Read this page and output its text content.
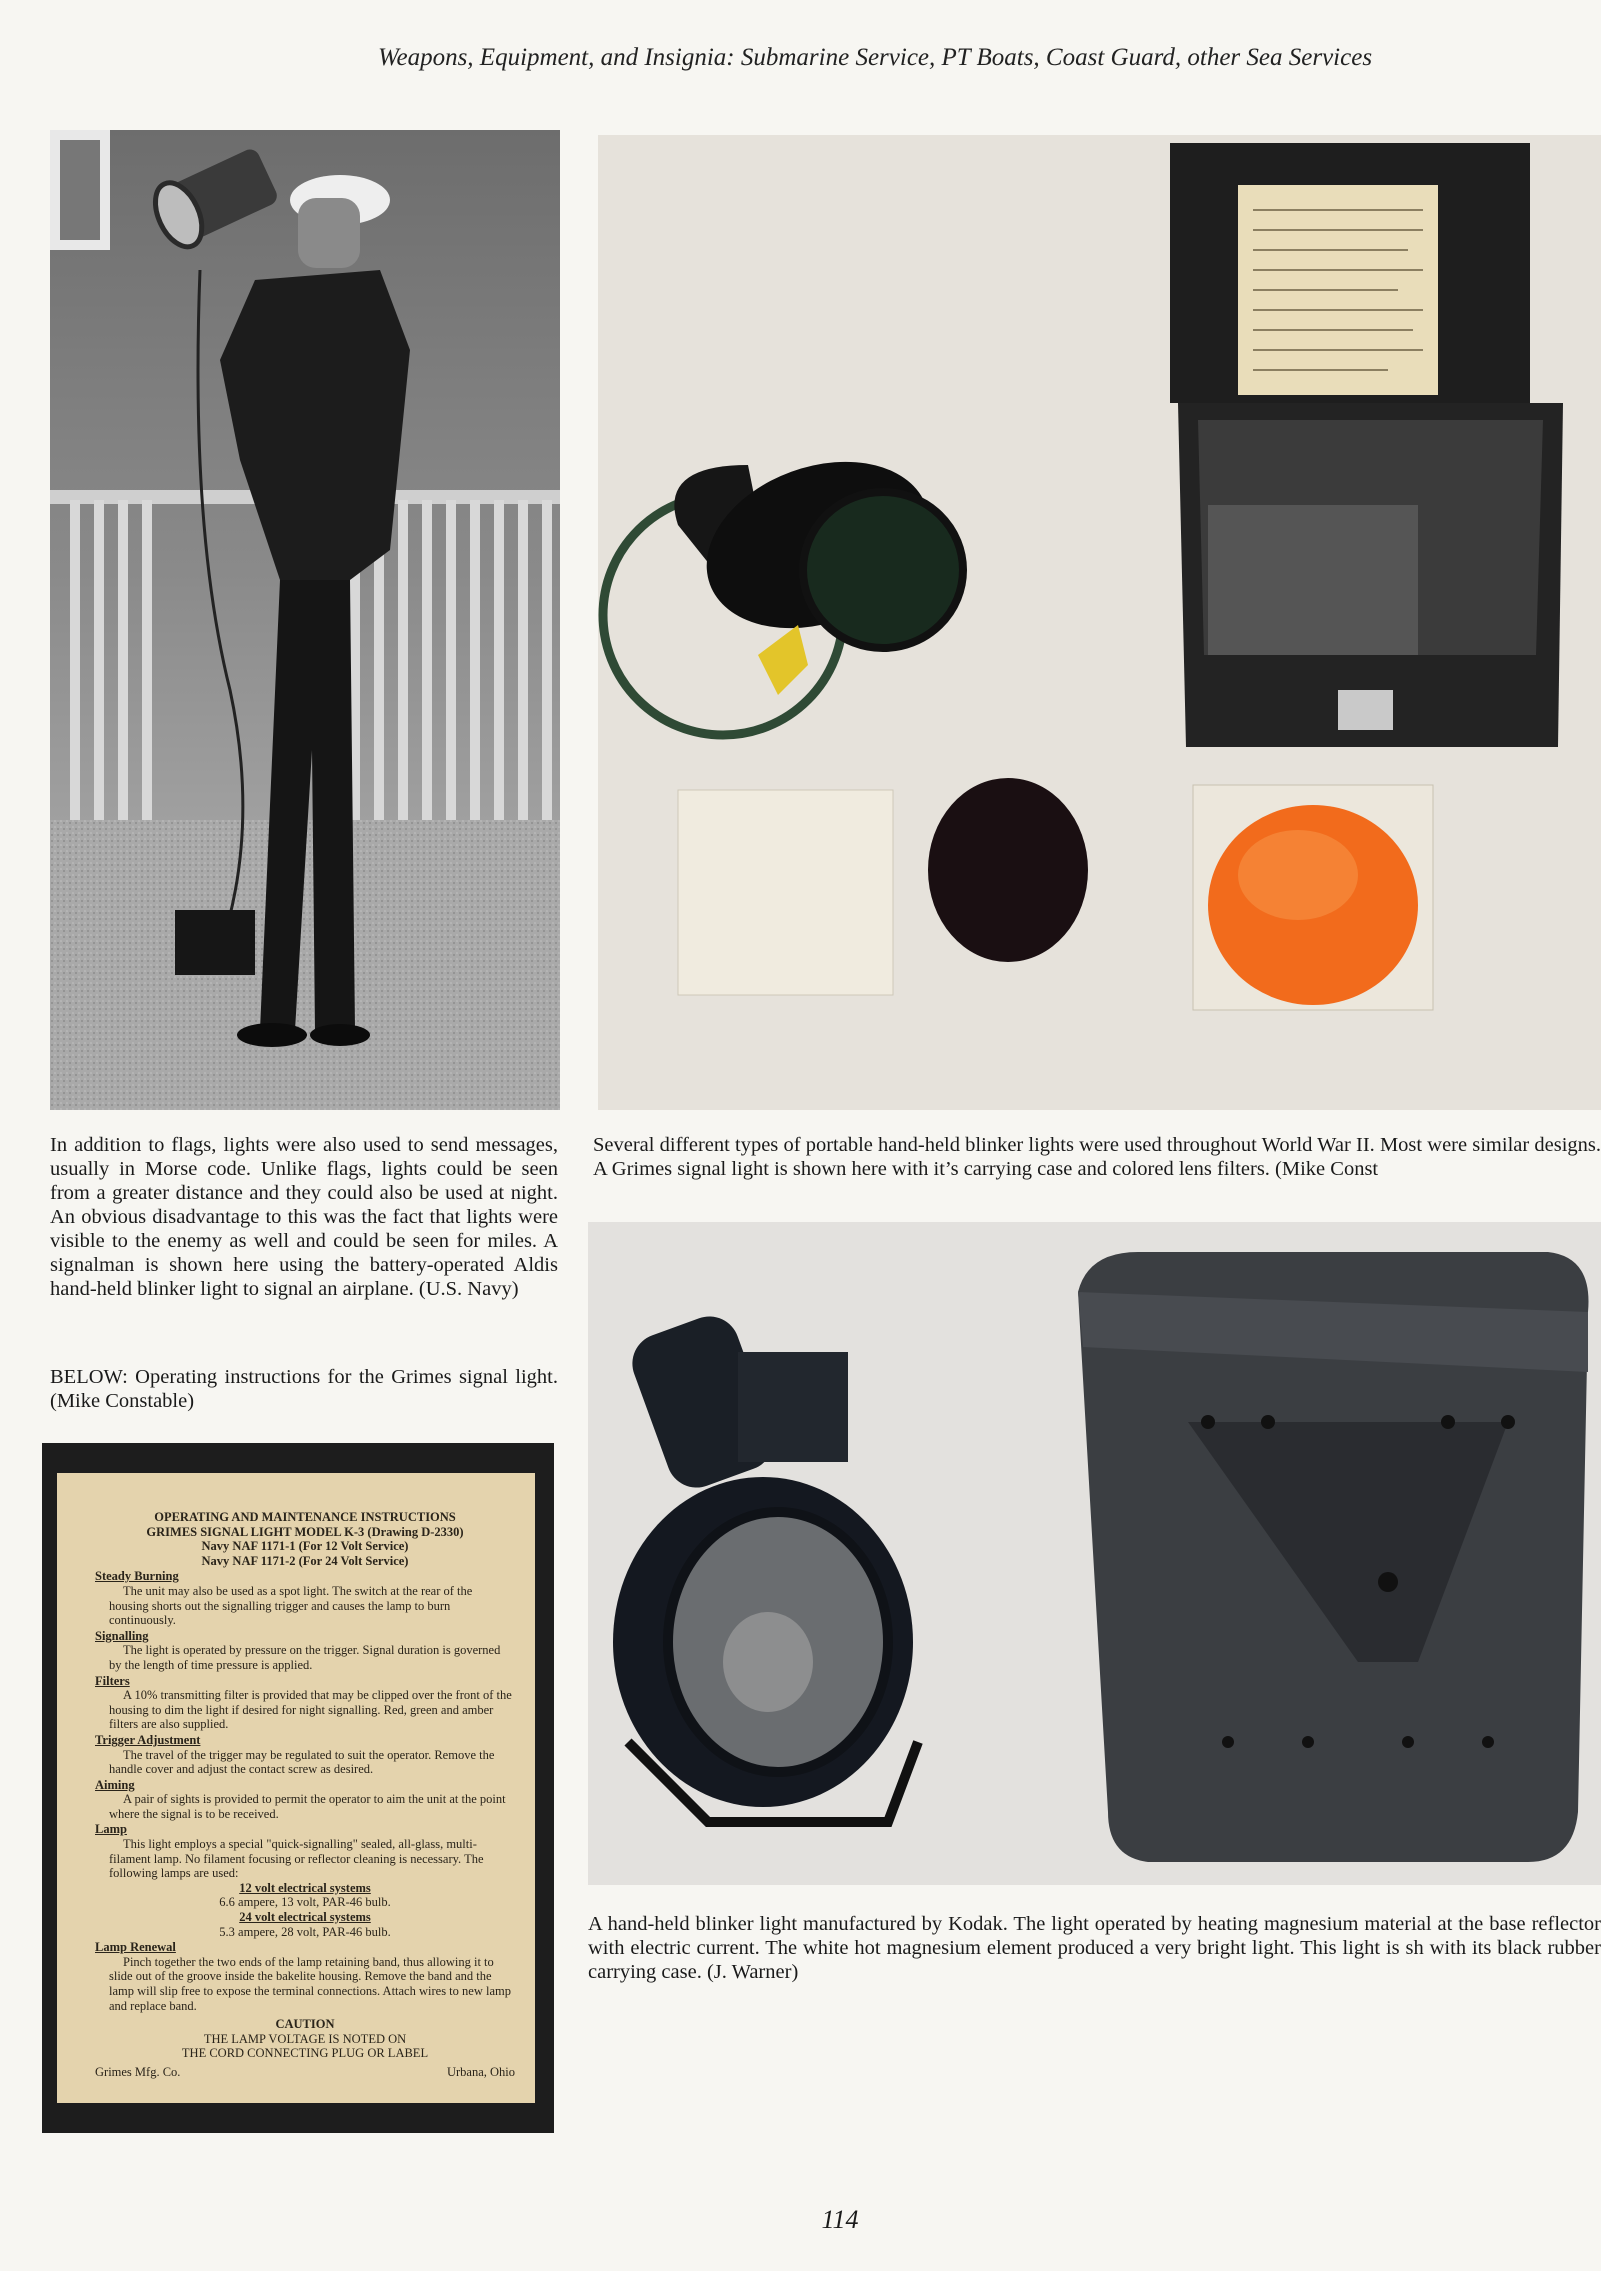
Weapons, Equipment, and Insignia: Submarine Service, PT Boats, Coast Guard, other Sea Services
In addition to flags, lights were also used to send messages, usually in Morse code. Unlike flags, lights could be seen from a greater distance and they could also be used at night. An obvious disadvantage to this was the fact that lights were visible to the enemy as well and could be seen for miles. A signalman is shown here using the battery-operated Aldis hand-held blinker light to signal an airplane. (U.S. Navy)
BELOW: Operating instructions for the Grimes signal light. (Mike Constable)
Several different types of portable hand-held blinker lights were used throughout World War II. Most were similar designs. A Grimes signal light is shown here with it’s carrying case and colored lens filters. (Mike Const
A hand-held blinker light manufactured by Kodak. The light operated by heating magnesium material at the base reflector with electric current. The white hot magnesium element produced a very bright light. This light is sh with its black rubber carrying case. (J. Warner)
OPERATING AND MAINTENANCE INSTRUCTIONS
GRIMES SIGNAL LIGHT MODEL K-3 (Drawing D-2330)
Navy NAF 1171-1 (For 12 Volt Service)
Navy NAF 1171-2 (For 24 Volt Service)
Steady Burning
The unit may also be used as a spot light. The switch at the rear of the housing shorts out the signalling trigger and causes the lamp to burn continuously.
Signalling
The light is operated by pressure on the trigger. Signal duration is governed by the length of time pressure is applied.
Filters
A 10% transmitting filter is provided that may be clipped over the front of the housing to dim the light if desired for night signalling. Red, green and amber filters are also supplied.
Trigger Adjustment
The travel of the trigger may be regulated to suit the operator. Remove the handle cover and adjust the contact screw as desired.
Aiming
A pair of sights is provided to permit the operator to aim the unit at the point where the signal is to be received.
Lamp
This light employs a special "quick-signalling" sealed, all-glass, multi-filament lamp. No filament focusing or reflector cleaning is necessary. The following lamps are used:
12 volt electrical systems
6.6 ampere, 13 volt, PAR-46 bulb.
24 volt electrical systems
5.3 ampere, 28 volt, PAR-46 bulb.
Lamp Renewal
Pinch together the two ends of the lamp retaining band, thus allowing it to slide out of the groove inside the bakelite housing. Remove the band and the lamp will slip free to expose the terminal connections. Attach wires to new lamp and replace band.
CAUTION
THE LAMP VOLTAGE IS NOTED ON
THE CORD CONNECTING PLUG OR LABEL
Grimes Mfg. Co.	Urbana, Ohio
114
